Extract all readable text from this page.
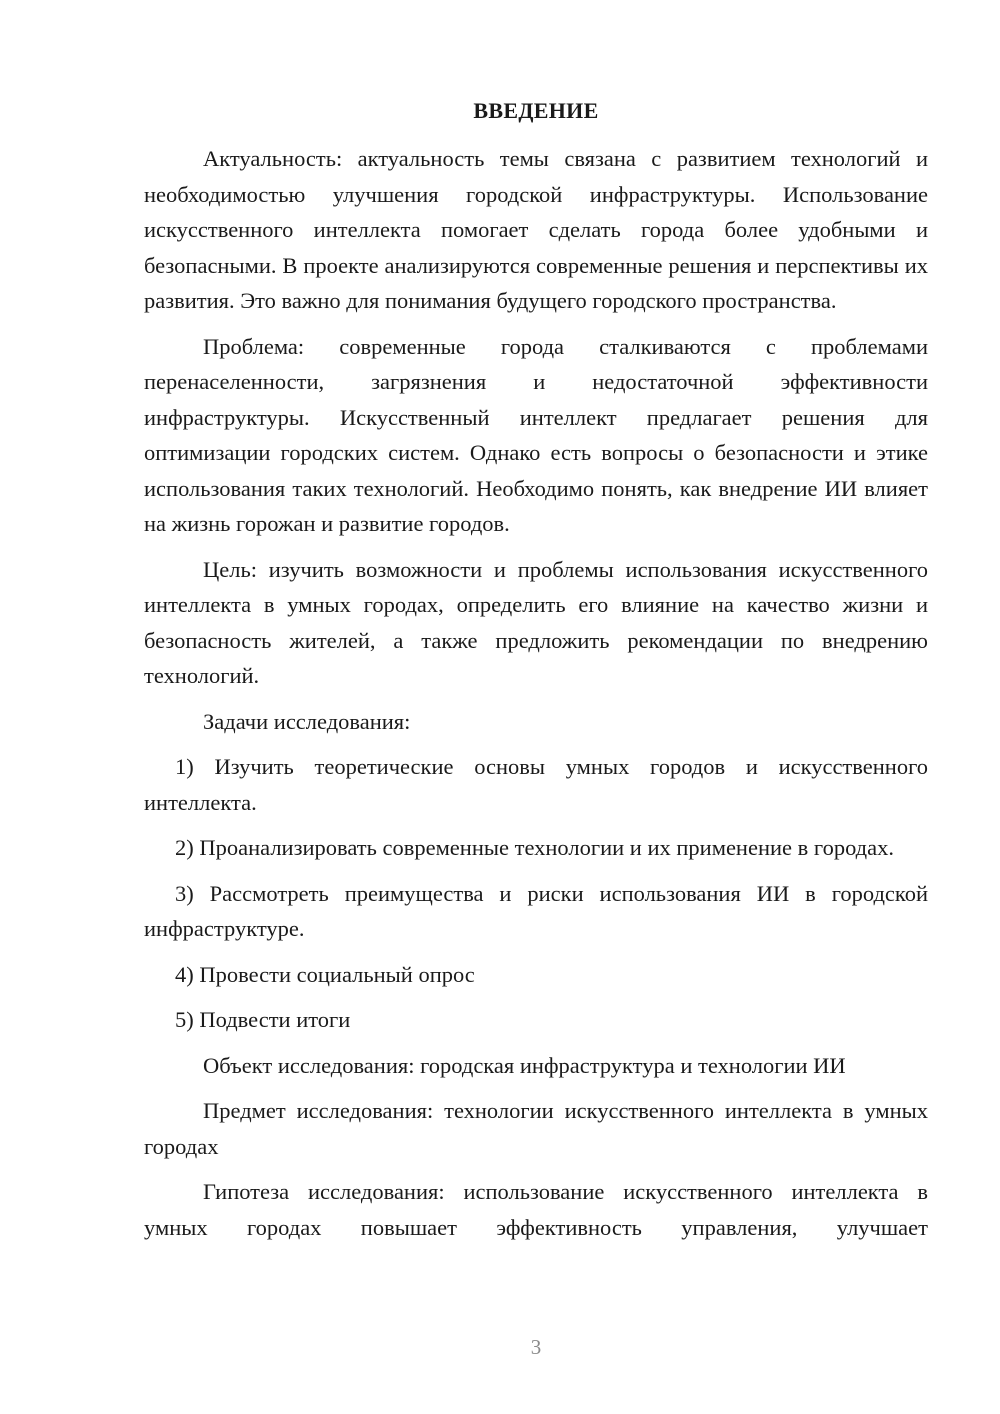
ВВЕДЕНИЕ

Актуальность: актуальность темы связана с развитием технологий и необходимостью улучшения городской инфраструктуры. Использование искусственного интеллекта помогает сделать города более удобными и безопасными. В проекте анализируются современные решения и перспективы их развития. Это важно для понимания будущего городского пространства.

Проблема: современные города сталкиваются с проблемами перенаселенности, загрязнения и недостаточной эффективности инфраструктуры. Искусственный интеллект предлагает решения для оптимизации городских систем. Однако есть вопросы о безопасности и этике использования таких технологий. Необходимо понять, как внедрение ИИ влияет на жизнь горожан и развитие городов.

Цель: изучить возможности и проблемы использования искусственного интеллекта в умных городах, определить его влияние на качество жизни и безопасность жителей, а также предложить рекомендации по внедрению технологий.

Задачи исследования:

1) Изучить теоретические основы умных городов и искусственного интеллекта.

2) Проанализировать современные технологии и их применение в городах.

3) Рассмотреть преимущества и риски использования ИИ в городской инфраструктуре.

4) Провести социальный опрос

5) Подвести итоги

Объект исследования: городская инфраструктура и технологии ИИ

Предмет исследования: технологии искусственного интеллекта в умных городах

Гипотеза исследования: использование искусственного интеллекта в умных городах повышает эффективность управления, улучшает

3
